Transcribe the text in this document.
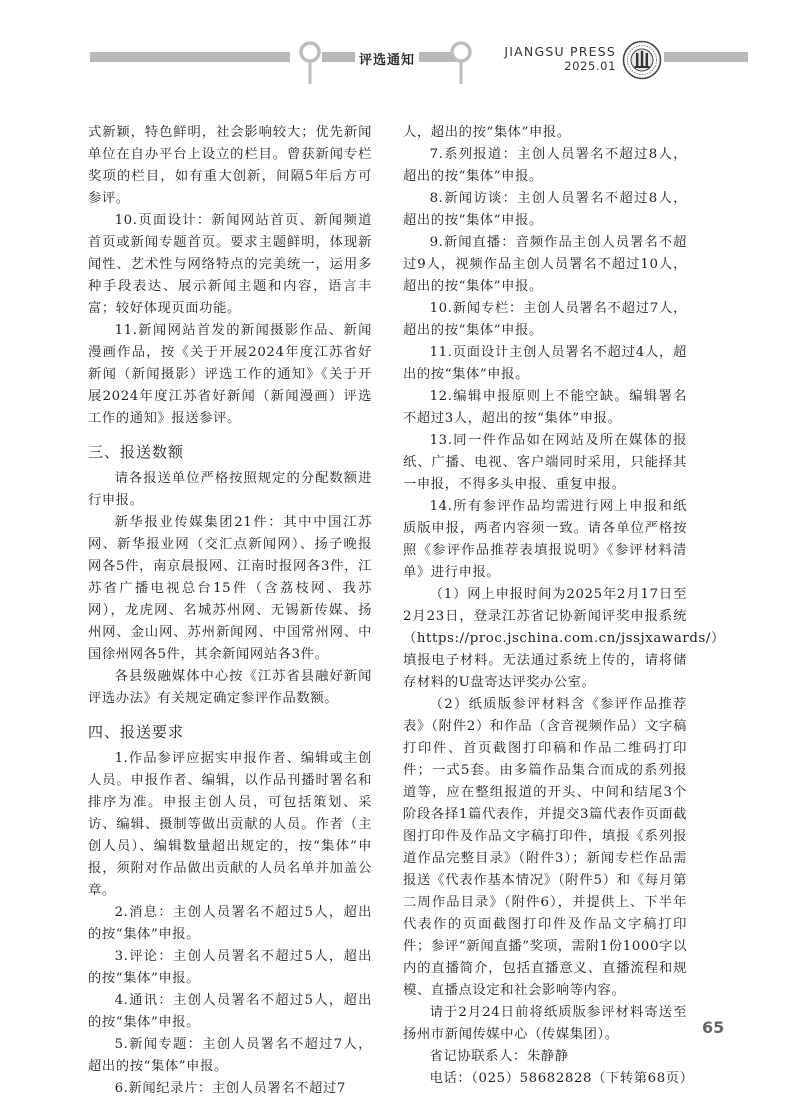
评选通知
JIANGSU PRESS
2025.01

式新颖，特色鲜明，社会影响较大；优先新闻单位在自办平台上设立的栏目。曾获新闻专栏奖项的栏目，如有重大创新，间隔5年后方可参评。

10.页面设计：新闻网站首页、新闻频道首页或新闻专题首页。要求主题鲜明，体现新闻性、艺术性与网络特点的完美统一，运用多种手段表达、展示新闻主题和内容，语言丰富；较好体现页面功能。

11.新闻网站首发的新闻摄影作品、新闻漫画作品，按《关于开展2024年度江苏省好新闻（新闻摄影）评选工作的通知》《关于开展2024年度江苏省好新闻（新闻漫画）评选工作的通知》报送参评。

三、报送数额

请各报送单位严格按照规定的分配数额进行申报。

新华报业传媒集团21件：其中中国江苏网、新华报业网（交汇点新闻网）、扬子晚报网各5件，南京晨报网、江南时报网各3件，江苏省广播电视总台15件（含荔枝网、我苏网），龙虎网、名城苏州网、无锡新传媒、扬州网、金山网、苏州新闻网、中国常州网、中国徐州网各5件，其余新闻网站各3件。

各县级融媒体中心按《江苏省县融好新闻评选办法》有关规定确定参评作品数额。

四、报送要求

1.作品参评应据实申报作者、编辑或主创人员。申报作者、编辑，以作品刊播时署名和排序为准。申报主创人员，可包括策划、采访、编辑、摄制等做出贡献的人员。作者（主创人员）、编辑数量超出规定的，按“集体”申报，须附对作品做出贡献的人员名单并加盖公章。

2.消息：主创人员署名不超过5人，超出的按“集体”申报。

3.评论：主创人员署名不超过5人，超出的按“集体”申报。

4.通讯：主创人员署名不超过5人，超出的按“集体”申报。

5.新闻专题：主创人员署名不超过7人，超出的按“集体”申报。

6.新闻纪录片：主创人员署名不超过7

人，超出的按“集体”申报。

7.系列报道：主创人员署名不超过8人，超出的按“集体”申报。

8.新闻访谈：主创人员署名不超过8人，超出的按“集体”申报。

9.新闻直播：音频作品主创人员署名不超过9人，视频作品主创人员署名不超过10人，超出的按“集体”申报。

10.新闻专栏：主创人员署名不超过7人，超出的按“集体”申报。

11.页面设计主创人员署名不超过4人，超出的按“集体”申报。

12.编辑申报原则上不能空缺。编辑署名不超过3人，超出的按“集体”申报。

13.同一件作品如在网站及所在媒体的报纸、广播、电视、客户端同时采用，只能择其一申报，不得多头申报、重复申报。

14.所有参评作品均需进行网上申报和纸质版申报，两者内容须一致。请各单位严格按照《参评作品推荐表填报说明》《参评材料清单》进行申报。

（1）网上申报时间为2025年2月17日至2月23日，登录江苏省记协新闻评奖申报系统（https://proc.jschina.com.cn/jssjxawards/）填报电子材料。无法通过系统上传的，请将储存材料的U盘寄达评奖办公室。

（2）纸质版参评材料含《参评作品推荐表》（附件2）和作品（含音视频作品）文字稿打印件、首页截图打印稿和作品二维码打印件；一式5套。由多篇作品集合而成的系列报道等，应在整组报道的开头、中间和结尾3个阶段各择1篇代表作，并提交3篇代表作页面截图打印件及作品文字稿打印件，填报《系列报道作品完整目录》（附件3）；新闻专栏作品需报送《代表作基本情况》（附件5）和《每月第二周作品目录》（附件6），并提供上、下半年代表作的页面截图打印件及作品文字稿打印件；参评“新闻直播”奖项，需附1份1000字以内的直播简介，包括直播意义、直播流程和规模、直播点设定和社会影响等内容。

请于2月24日前将纸质版参评材料寄送至扬州市新闻传媒中心（传媒集团）。

省记协联系人：朱静静

电话：（025）58682828（下转第68页）

65
